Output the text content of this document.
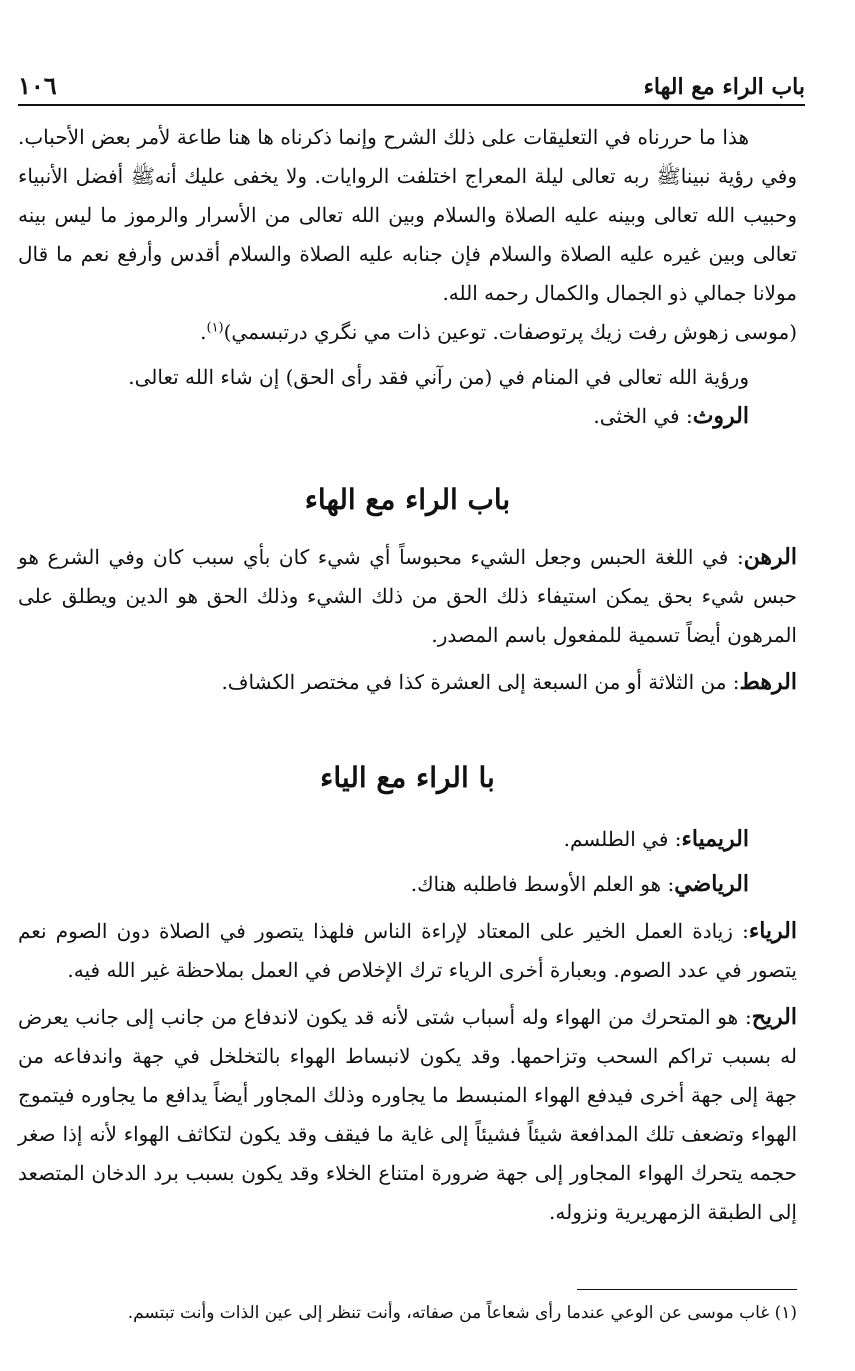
باب الراء مع الهاء
١٠٦

هذا ما حررناه في التعليقات على ذلك الشرح وإنما ذكرناه ها هنا طاعة لأمر بعض الأحباب. وفي رؤية نبيناﷺ ربه تعالى ليلة المعراج اختلفت الروايات. ولا يخفى عليك أنهﷺ أفضل الأنبياء وحبيب الله تعالى وبينه عليه الصلاة والسلام وبين الله تعالى من الأسرار والرموز ما ليس بينه تعالى وبين غيره عليه الصلاة والسلام فإن جنابه عليه الصلاة والسلام أقدس وأرفع نعم ما قال مولانا جمالي ذو الجمال والكمال رحمه الله.
(موسى زهوش رفت زيك پرتوصفات. توعين ذات مي نگري درتبسمي)$^{(١)}$.

ورؤية الله تعالى في المنام في (من رآني فقد رأى الحق) إن شاء الله تعالى.

الروث: في الخثى.

باب الراء مع الهاء

الرهن: في اللغة الحبس وجعل الشيء محبوساً أي شيء كان بأي سبب كان وفي الشرع هو حبس شيء بحق يمكن استيفاء ذلك الحق من ذلك الشيء وذلك الحق هو الدين ويطلق على المرهون أيضاً تسمية للمفعول باسم المصدر.

الرهط: من الثلاثة أو من السبعة إلى العشرة كذا في مختصر الكشاف.

با الراء مع الياء

الريمياء: في الطلسم.

الرياضي: هو العلم الأوسط فاطلبه هناك.

الرياء: زيادة العمل الخير على المعتاد لإراءة الناس فلهذا يتصور في الصلاة دون الصوم نعم يتصور في عدد الصوم. وبعبارة أخرى الرياء ترك الإخلاص في العمل بملاحظة غير الله فيه.

الريح: هو المتحرك من الهواء وله أسباب شتى لأنه قد يكون لاندفاع من جانب إلى جانب يعرض له بسبب تراكم السحب وتزاحمها. وقد يكون لانبساط الهواء بالتخلخل في جهة واندفاعه من جهة إلى جهة أخرى فيدفع الهواء المنبسط ما يجاوره وذلك المجاور أيضاً يدافع ما يجاوره فيتموج الهواء وتضعف تلك المدافعة شيئاً فشيئاً إلى غاية ما فيقف وقد يكون لتكاثف الهواء لأنه إذا صغر حجمه يتحرك الهواء المجاور إلى جهة ضرورة امتناع الخلاء وقد يكون بسبب برد الدخان المتصعد إلى الطبقة الزمهريرية ونزوله.

(١) غاب موسى عن الوعي عندما رأى شعاعاً من صفاته، وأنت تنظر إلى عين الذات وأنت تبتسم.
